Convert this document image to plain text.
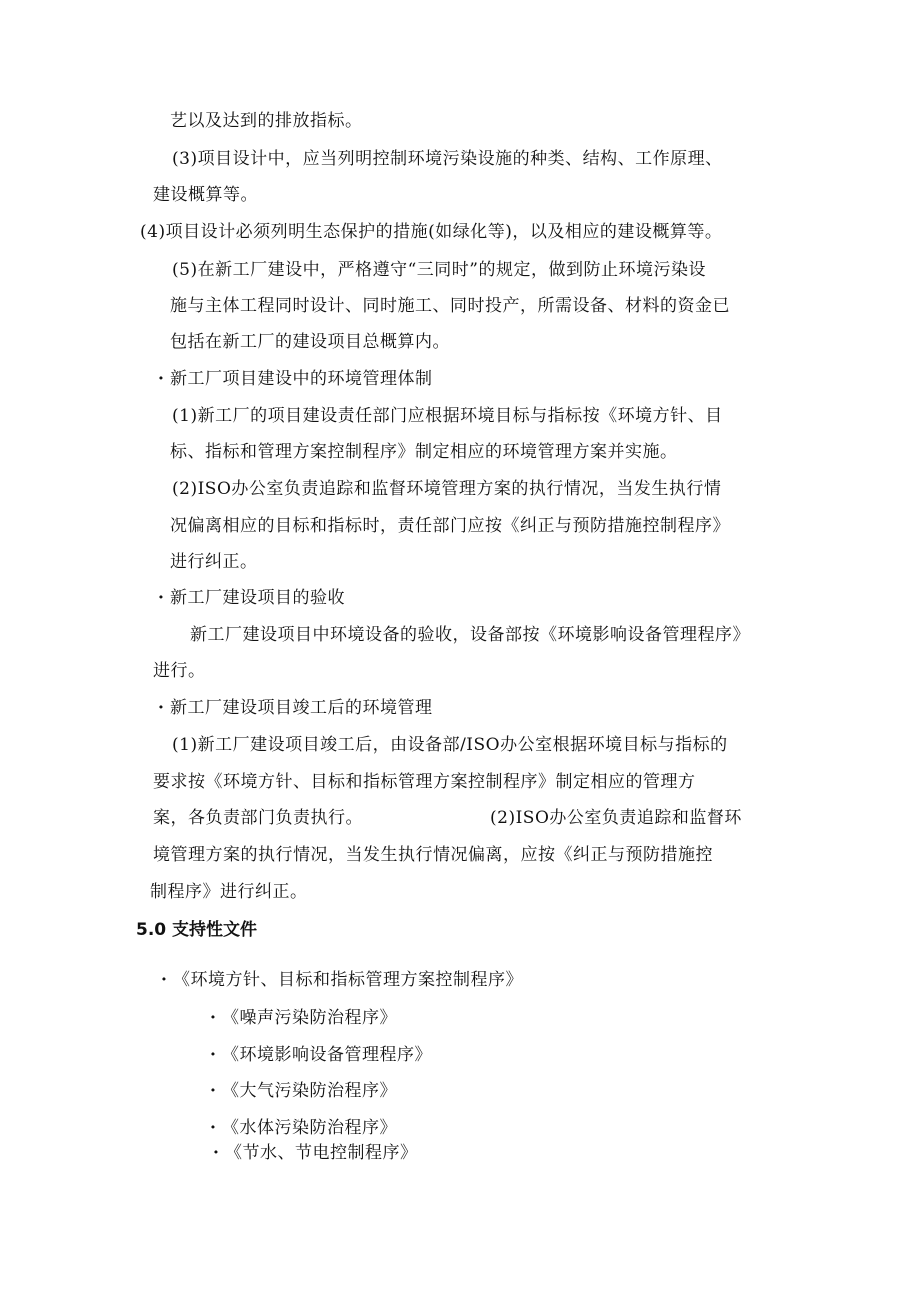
艺以及达到的排放指标。
(3)项目设计中，应当列明控制环境污染设施的种类、结构、工作原理、
建设概算等。
(4)项目设计必须列明生态保护的措施(如绿化等)，以及相应的建设概算等。
(5)在新工厂建设中，严格遵守“三同时”的规定，做到防止环境污染设
施与主体工程同时设计、同时施工、同时投产，所需设备、材料的资金已
包括在新工厂的建设项目总概算内。
· 新工厂项目建设中的环境管理体制
(1)新工厂的项目建设责任部门应根据环境目标与指标按《环境方针、目
标、指标和管理方案控制程序》制定相应的环境管理方案并实施。
(2)ISO办公室负责追踪和监督环境管理方案的执行情况，当发生执行情
况偏离相应的目标和指标时，责任部门应按《纠正与预防措施控制程序》
进行纠正。
· 新工厂建设项目的验收
新工厂建设项目中环境设备的验收，设备部按《环境影响设备管理程序》
进行。
· 新工厂建设项目竣工后的环境管理
(1)新工厂建设项目竣工后，由设备部/ISO办公室根据环境目标与指标的
要求按《环境方针、目标和指标管理方案控制程序》制定相应的管理方
案，各负责部门负责执行。	(2)ISO办公室负责追踪和监督环
境管理方案的执行情况，当发生执行情况偏离，应按《纠正与预防措施控
制程序》进行纠正。
5.0 支持性文件
· 《环境方针、目标和指标管理方案控制程序》
· 《噪声污染防治程序》
· 《环境影响设备管理程序》
· 《大气污染防治程序》
· 《水体污染防治程序》
· 《节水、节电控制程序》
